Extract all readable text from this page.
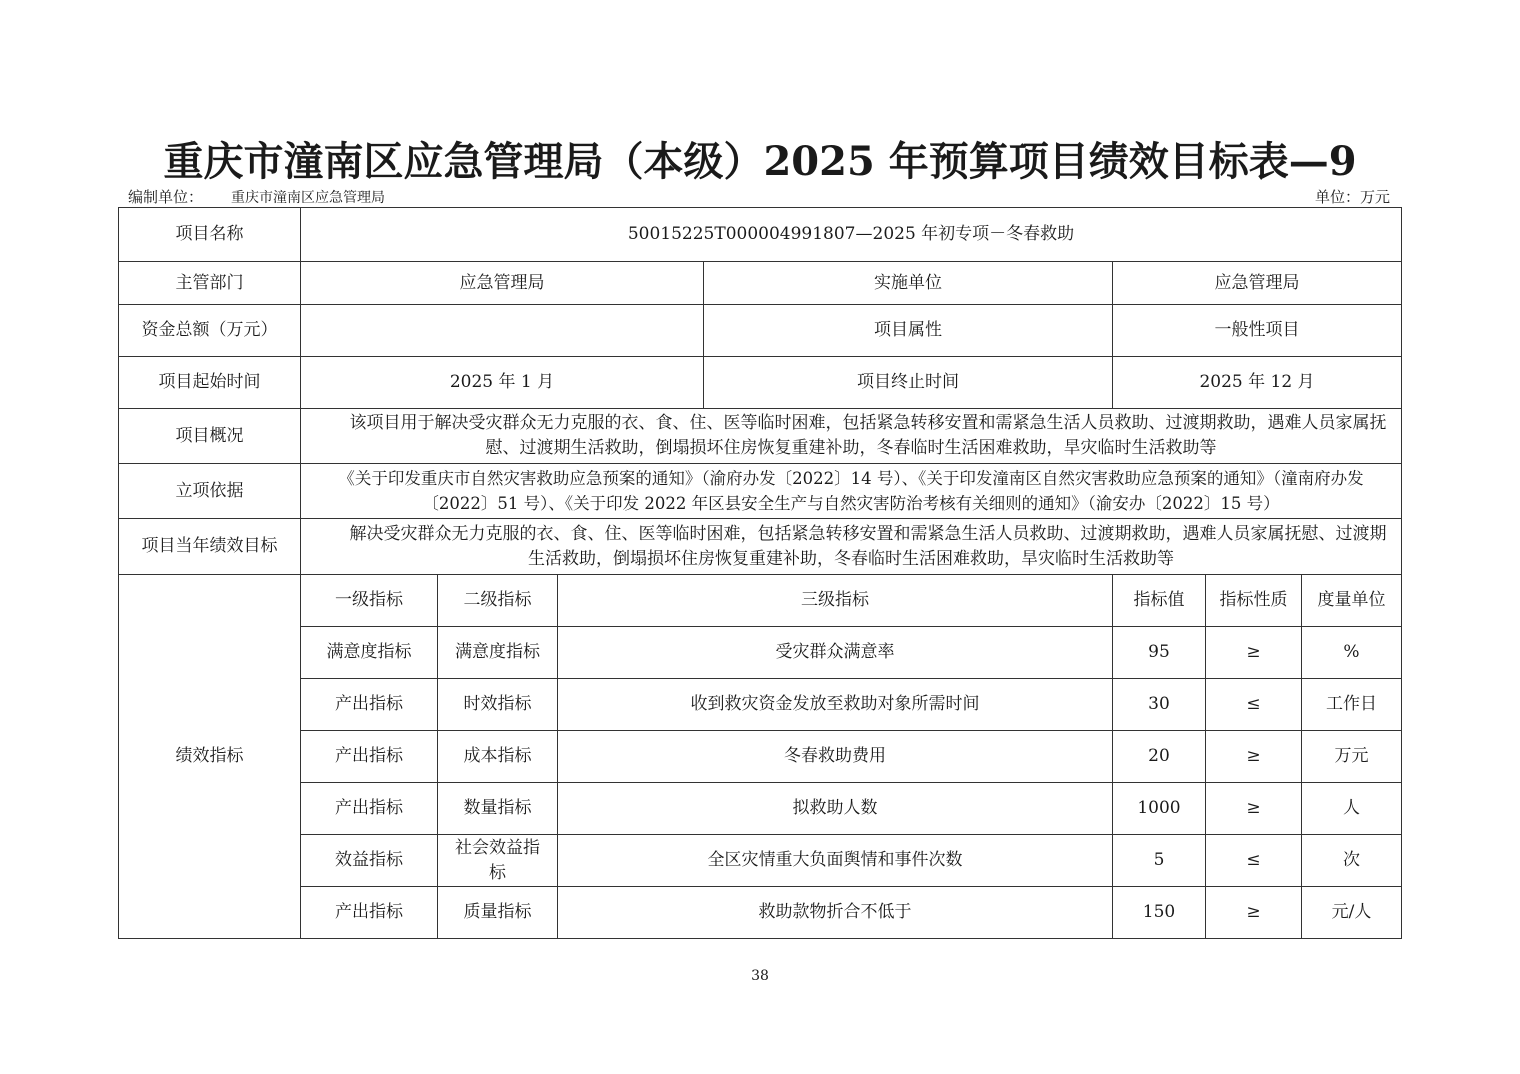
重庆市潼南区应急管理局（本级）2025 年预算项目绩效目标表—9
编制单位： 重庆市潼南区应急管理局	单位：万元
项目名称	50015225T000004991807—2025 年初专项－冬春救助						
主管部门	应急管理局			实施单位	应急管理局		
资金总额（万元）				项目属性	一般性项目		
项目起始时间	2025 年 1 月			项目终止时间	2025 年 12 月		
项目概况	该项目用于解决受灾群众无力克服的衣、食、住、医等临时困难，包括紧急转移安置和需紧急生活人员救助、过渡期救助，遇难人员家属抚慰、过渡期生活救助，倒塌损坏住房恢复重建补助，冬春临时生活困难救助，旱灾临时生活救助等						
立项依据	《关于印发重庆市自然灾害救助应急预案的通知》（渝府办发〔2022〕14 号）、《关于印发潼南区自然灾害救助应急预案的通知》（潼南府办发〔2022〕51 号）、《关于印发 2022 年区县安全生产与自然灾害防治考核有关细则的通知》（渝安办〔2022〕15 号）						
项目当年绩效目标	解决受灾群众无力克服的衣、食、住、医等临时困难，包括紧急转移安置和需紧急生活人员救助、过渡期救助，遇难人员家属抚慰、过渡期生活救助，倒塌损坏住房恢复重建补助，冬春临时生活困难救助，旱灾临时生活救助等						
绩效指标	一级指标	二级指标	三级指标		指标值	指标性质	度量单位
	满意度指标	满意度指标	受灾群众满意率		95	≥	%
	产出指标	时效指标	收到救灾资金发放至救助对象所需时间		30	≤	工作日
	产出指标	成本指标	冬春救助费用		20	≥	万元
	产出指标	数量指标	拟救助人数		1000	≥	人
	效益指标	社会效益指标	全区灾情重大负面舆情和事件次数		5	≤	次
	产出指标	质量指标	救助款物折合不低于		150	≥	元/人
38
